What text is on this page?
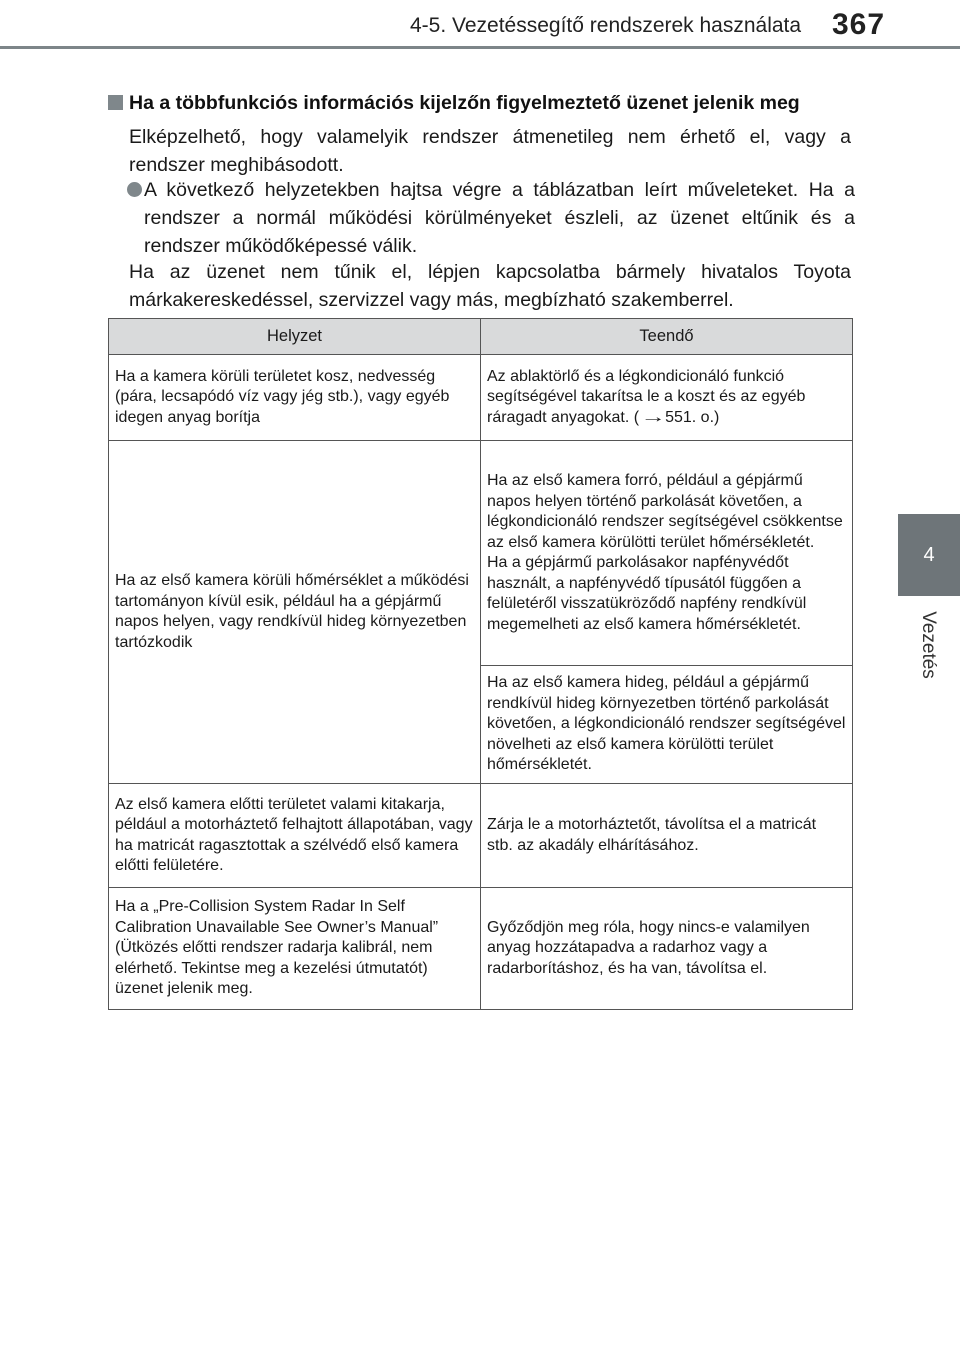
4-5. Vezetéssegítő rendszerek használata 367
4
Vezetés
Ha a többfunkciós információs kijelzőn figyelmeztető üzenet jelenik meg
Elképzelhető, hogy valamelyik rendszer átmenetileg nem érhető el, vagy a rendszer meghibásodott.
A következő helyzetekben hajtsa végre a táblázatban leírt műveleteket. Ha a rendszer a normál működési körülményeket észleli, az üzenet eltűnik és a rendszer működőképessé válik.
Ha az üzenet nem tűnik el, lépjen kapcsolatba bármely hivatalos Toyota márkakereskedéssel, szervizzel vagy más, megbízható szakemberrel.
Helyzet	Teendő
Ha a kamera körüli területet kosz, nedvesség (pára, lecsapódó víz vagy jég stb.), vagy egyéb idegen anyag borítja	Az ablaktörlő és a légkondicionáló funkció segítségével takarítsa le a koszt és az egyéb ráragadt anyagokat. (→551. o.)
Ha az első kamera körüli hőmérséklet a működési tartományon kívül esik, például ha a gépjármű napos helyen, vagy rendkívül hideg környezetben tartózkodik	Ha az első kamera forró, például a gépjármű napos helyen történő parkolását követően, a légkondicionáló rendszer segítségével csökkentse az első kamera körülötti terület hőmérsékletét.
Ha a gépjármű parkolásakor napfényvédőt használt, a napfényvédő típusától függően a felületéről visszatükröződő napfény rendkívül megemelheti az első kamera hőmérsékletét.

	Ha az első kamera hideg, például a gépjármű rendkívül hideg környezetben történő parkolását követően, a légkondicionáló rendszer segítségével növelheti az első kamera körülötti terület hőmérsékletét.
Az első kamera előtti területet valami kitakarja, például a motorháztető felhajtott állapotában, vagy ha matricát ragasztottak a szélvédő első kamera előtti felületére.	Zárja le a motorháztetőt, távolítsa el a matricát stb. az akadály elhárításához.
Ha a „Pre-Collision System Radar In Self Calibration Unavailable See Owner’s Manual” (Ütközés előtti rendszer radarja kalibrál, nem elérhető. Tekintse meg a kezelési útmutatót) üzenet jelenik meg.	Győződjön meg róla, hogy nincs-e valamilyen anyag hozzátapadva a radarhoz vagy a radarborításhoz, és ha van, távolítsa el.
